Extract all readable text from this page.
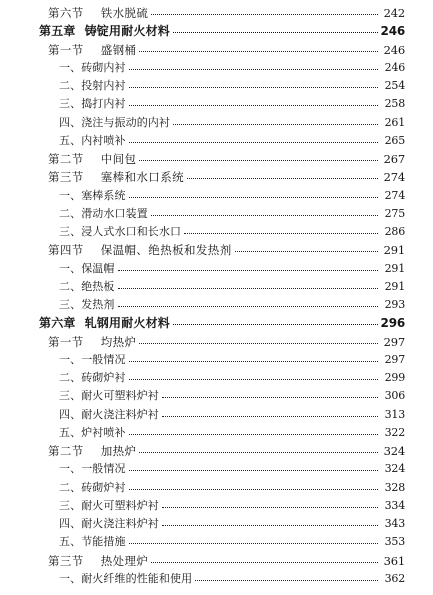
第六节 铁水脱硫	242
第五章 铸锭用耐火材料	246
第一节 盛钢桶	246
一、砖砌内衬	246
二、投射内衬	254
三、捣打内衬	258
四、浇注与振动的内衬	261
五、内衬喷补	265
第二节 中间包	267
第三节 塞棒和水口系统	274
一、塞棒系统	274
二、滑动水口装置	275
三、浸人式水口和长水口	286
第四节 保温帽、绝热板和发热剂	291
一、保温帽	291
二、绝热板	291
三、发热剂	293
第六章 轧钢用耐火材料	296
第一节 均热炉	297
一、一般情况	297
二、砖砌炉衬	299
三、耐火可塑料炉衬	306
四、耐火浇注料炉衬	313
五、炉衬喷补	322
第二节 加热炉	324
一、一般情况	324
二、砖砌炉衬	328
三、耐火可塑料炉衬	334
四、耐火浇注料炉衬	343
五、节能措施	353
第三节 热处理炉	361
一、耐火纤维的性能和使用	362
